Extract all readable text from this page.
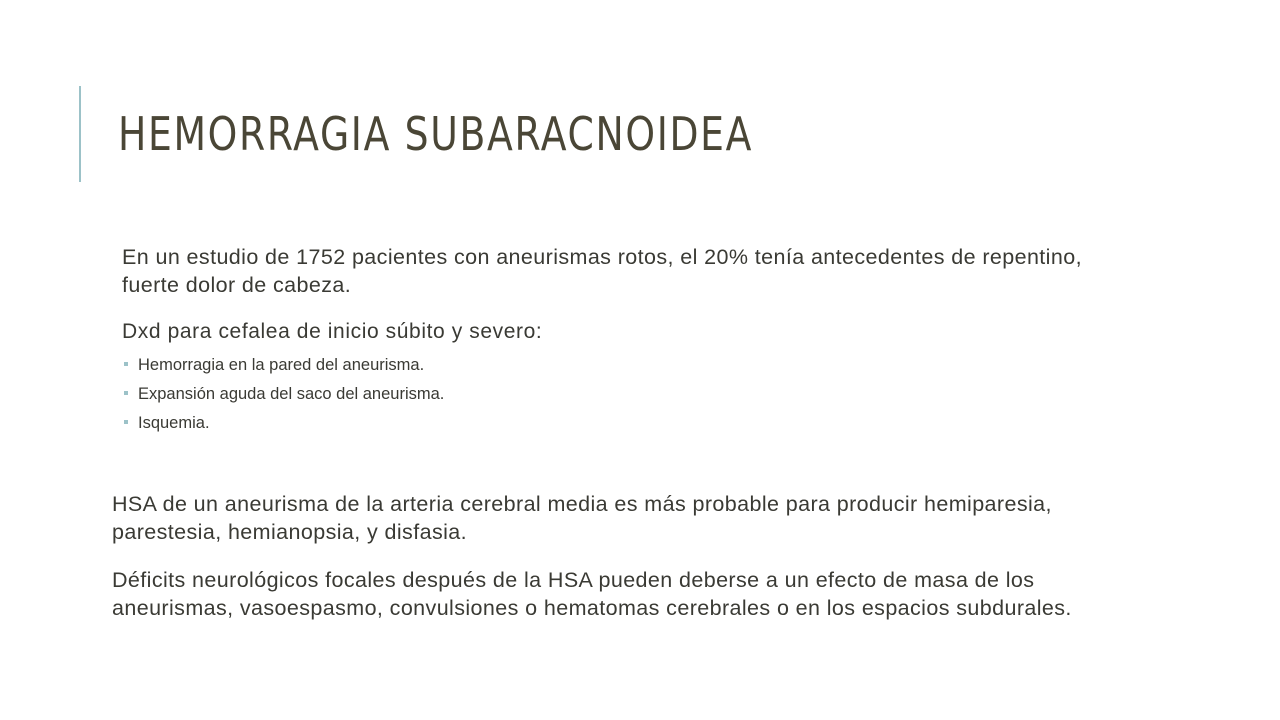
HEMORRAGIA SUBARACNOIDEA

En un estudio de 1752 pacientes con aneurismas rotos, el 20% tenía antecedentes de repentino, fuerte dolor de cabeza.

Dxd para cefalea de inicio súbito y severo:

Hemorragia en la pared del aneurisma.
Expansión aguda del saco del aneurisma.
Isquemia.

HSA de un aneurisma de la arteria cerebral media es más probable para producir hemiparesia, parestesia, hemianopsia, y disfasia.

Déficits neurológicos focales después de la HSA pueden deberse a un efecto de masa de los aneurismas, vasoespasmo, convulsiones o hematomas cerebrales o en los espacios subdurales.
